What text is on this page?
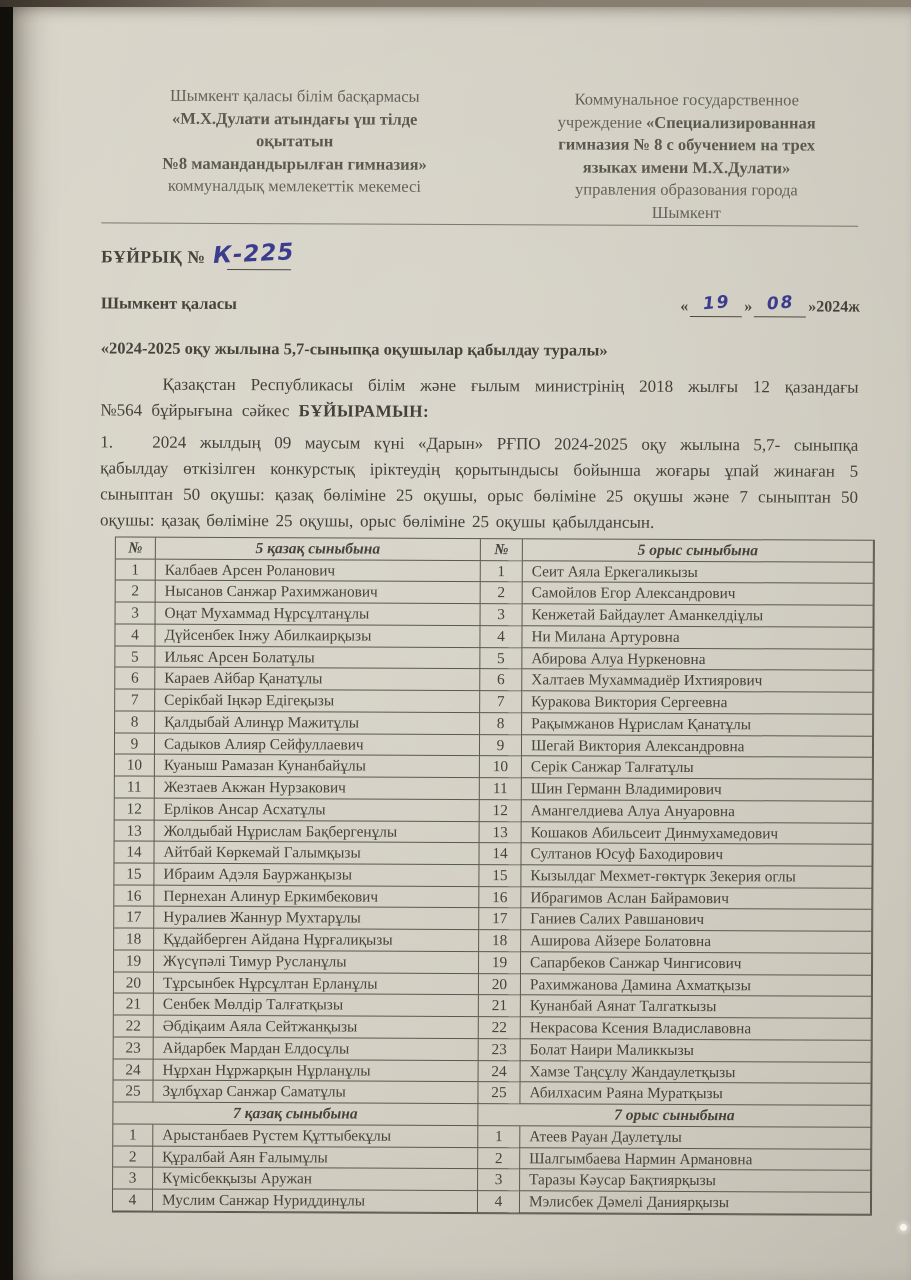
Шымкент қаласы білім басқармасы
«М.Х.Дулати атындағы үш тілде
оқытатын
№8 мамандандырылған гимназия»
коммуналдық мемлекеттік мекемесі
Коммунальное государственное
учреждение «Специализированная
гимназия № 8 с обучением на трех
языках имени М.Х.Дулати»
управления образования города
Шымкент
БҰЙРЫҚ № К-225
Шымкент қаласы	« 19 » 08 »2024ж
«2024-2025 оқу жылына 5,7-сыныпқа оқушылар қабылдау туралы»

Қазақстан Республикасы білім және ғылым министрінің 2018 жылғы 12 қазандағы №564 бұйрығына сәйкес БҰЙЫРАМЫН:

1. 2024 жылдың 09 маусым күні «Дарын» РҒПО 2024-2025 оқу жылына 5,7- сыныпқа қабылдау өткізілген конкурстық іріктеудің қорытындысы бойынша жоғары ұпай жинаған 5 сыныптан 50 оқушы: қазақ бөліміне 25 оқушы, орыс бөліміне 25 оқушы және 7 сыныптан 50 оқушы: қазақ бөліміне 25 оқушы, орыс бөліміне 25 оқушы қабылдансын.

№	5 қазақ сыныбына	№	5 орыс сыныбына
1	Калбаев Арсен Роланович	1	Сеит Аяла Еркегаликызы
2	Нысанов Санжар Рахимжанович	2	Самойлов Егор Александрович
3	Оңат Мухаммад Нұрсұлтанұлы	3	Кенжетай Байдаулет Аманкелдіұлы
4	Дүйсенбек Інжу Абилкаирқызы	4	Ни Милана Артуровна
5	Ильяс Арсен Болатұлы	5	Абирова Алуа Нуркеновна
6	Караев Айбар Қанатұлы	6	Халтаев Мухаммадиёр Ихтиярович
7	Серікбай Іңкәр Едігеқызы	7	Куракова Виктория Сергеевна
8	Қалдыбай Алинұр Мажитұлы	8	Рақымжанов Нұрислам Қанатұлы
9	Садыков Алияр Сейфуллаевич	9	Шегай Виктория Александровна
10	Куаныш Рамазан Кунанбайұлы	10	Серік Санжар Талғатұлы
11	Жезтаев Акжан Нурзакович	11	Шин Германн Владимирович
12	Ерліков Ансар Асхатұлы	12	Амангелдиева Алуа Ануаровна
13	Жолдыбай Нұрислам Бақбергенұлы	13	Кошаков Абильсеит Динмухамедович
14	Айтбай Көркемай Галымқызы	14	Султанов Юсуф Баходирович
15	Ибраим Адэля Бауржанқызы	15	Кызылдаг Мехмет-гөктүрк Зекерия оглы
16	Пернехан Алинур Еркимбекович	16	Ибрагимов Аслан Байрамович
17	Нуралиев Жаннур Мухтарұлы	17	Ганиев Салих Равшанович
18	Құдайберген Айдана Нұрғалиқызы	18	Аширова Айзере Болатовна
19	Жүсүпәлі Тимур Русланұлы	19	Сапарбеков Санжар Чингисович
20	Тұрсынбек Нұрсұлтан Ерланұлы	20	Рахимжанова Дамина Ахматқызы
21	Сенбек Мөлдір Талғатқызы	21	Кунанбай Аянат Талгаткызы
22	Әбдіқаим Аяла Сейтжанқызы	22	Некрасова Ксения Владиславовна
23	Айдарбек Мардан Елдосұлы	23	Болат Наири Маликкызы
24	Нұрхан Нұржарқын Нұрланұлы	24	Хамзе Таңсұлу Жандаулетқызы
25	Зұлбұхар Санжар Саматұлы	25	Абилхасим Раяна Муратқызы
7 қазақ сыныбына	7 орыс сыныбына
1	Арыстанбаев Рүстем Құттыбекұлы	1	Атеев Рауан Даулетұлы
2	Құралбай Аян Ғалымұлы	2	Шалгымбаева Нармин Армановна
3	Күмісбекқызы Аружан	3	Таразы Кәусар Бақтиярқызы
4	Муслим Санжар Нуриддинұлы	4	Мэлисбек Дәмелі Даниярқызы
